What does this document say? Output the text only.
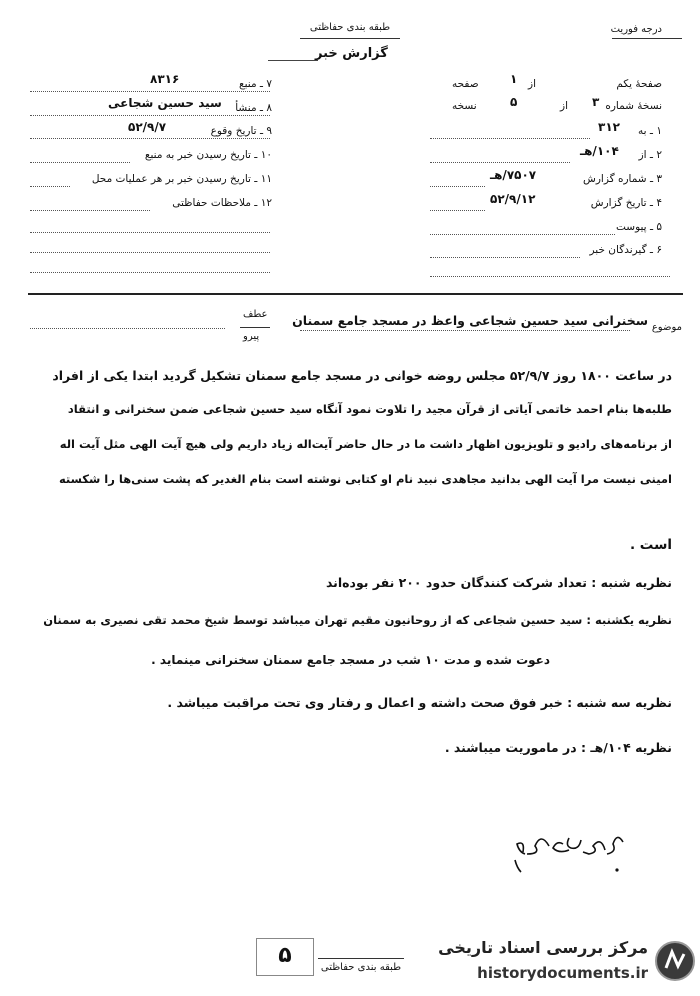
طبقه بندی حفاظتی	درجه فوریت
گزارش خبر
۷ ـ منبع
۸۳۱۶
۸ ـ منشأ
سید حسین شجاعی
۹ ـ تاریخ وقوع
۵۲/۹/۷
۱۰ ـ تاریخ رسیدن خبر به منبع
۱۱ ـ تاریخ رسیدن خبر بر هر عملیات محل
۱۲ ـ ملاحظات حفاظتی
صفحهٔ یکم
۱ از
صفحه
نسخهٔ شماره
۳
از
۵
نسخه
۱ ـ به
۳۱۲
۲ ـ از
۱۰۴/هـ
۳ ـ شماره گزارش
۷۵۰۷/هـ
۴ ـ تاریخ گزارش
۵۲/۹/۱۲
۵ ـ پیوست
۶ ـ گیرندگان خبر
موضوع
سخنرانی سید حسین شجاعی واعظ در مسجد جامع سمنان
عطف
پیرو
در ساعت ۱۸۰۰ روز ۵۲/۹/۷ مجلس روضه خوانی در مسجد جامع سمنان تشکیل گردید ابتدا یکی از افراد
طلبه‌ها بنام احمد خاتمی آیاتی از قرآن مجید را تلاوت نمود آنگاه سید حسین شجاعی ضمن سخنرانی و انتقاد
از برنامه‌های رادیو و تلویزیون اظهار داشت ما در حال حاضر آیت‌اله زیاد داریم ولی هیچ آیت الهی مثل آیت اله
امینی نیست مرا آیت الهی بدانید مجاهدی نبید نام او کتابی نوشته است بنام الغدیر که پشت سنی‌ها را شکسته
است .
نظریه شنبه : تعداد شرکت کنندگان حدود ۲۰۰ نفر بوده‌اند
نظریه یکشنبه : سید حسین شجاعی که از روحانیون مقیم تهران میباشد توسط شیخ محمد تقی نصیری به سمنان
دعوت شده و مدت ۱۰ شب در مسجد جامع سمنان سخنرانی مینماید .
نظریه سه شنبه : خبر فوق صحت داشته و اعمال و رفتار وی تحت مراقبت میباشد .
نظریه ۱۰۴/هـ : در ماموریت میباشند .
۵	طبقه بندی حفاظتی
مرکز بررسی اسناد تاریخی
historydocuments.ir
